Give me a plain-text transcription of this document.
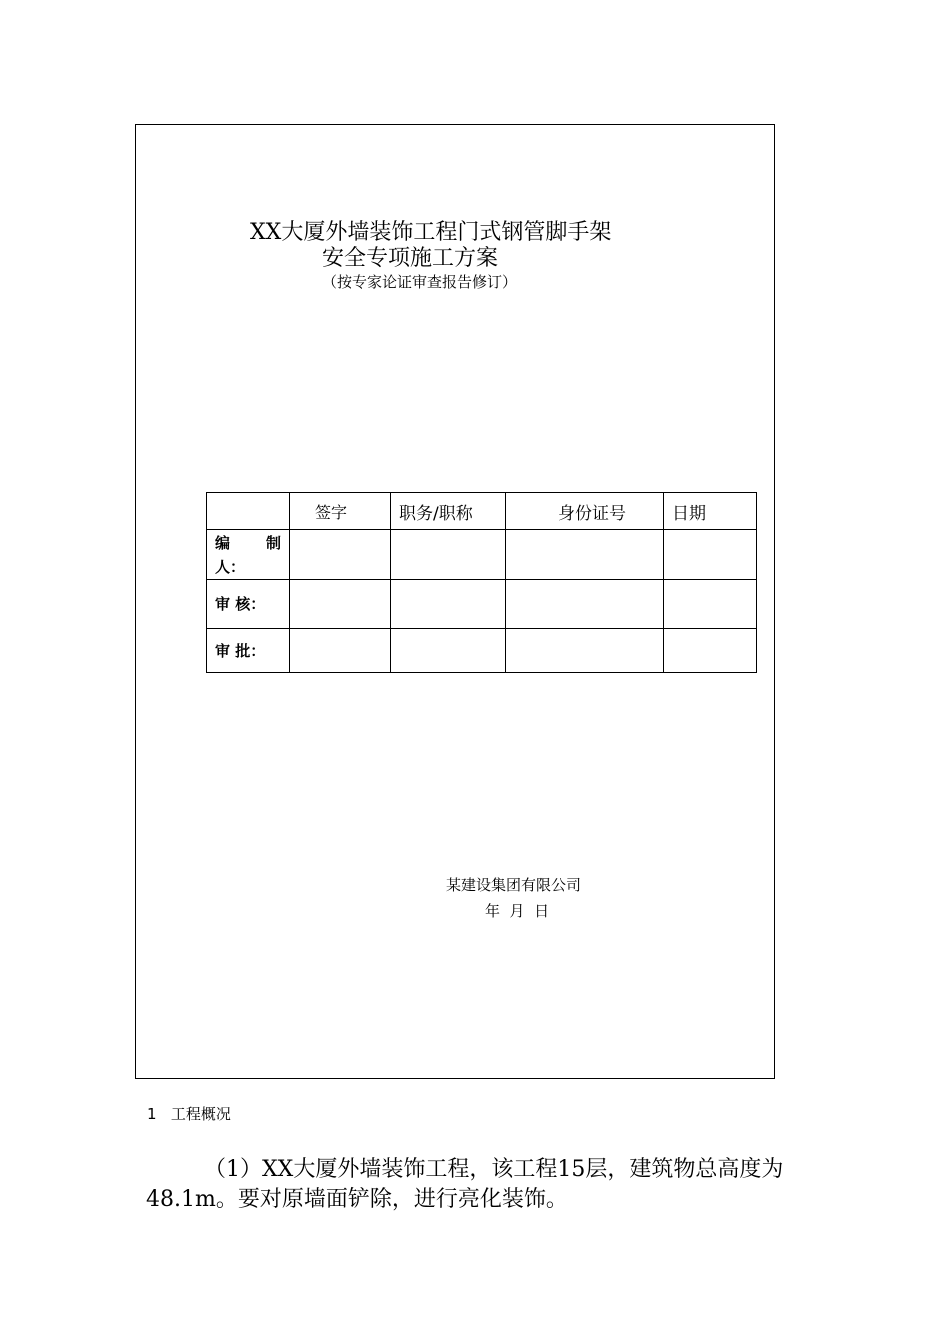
XX大厦外墙装饰工程门式钢管脚手架
安全专项施工方案
（按专家论证审查报告修订）
	签字	职务/职称	身份证号	日期

编 制
人：				

审 核：				
审 批：				
某建设集团有限公司
年  月  日
1   工程概况
（1）XX大厦外墙装饰工程，该工程15层，建筑物总高度为48.1m。要对原墙面铲除，进行亮化装饰。
